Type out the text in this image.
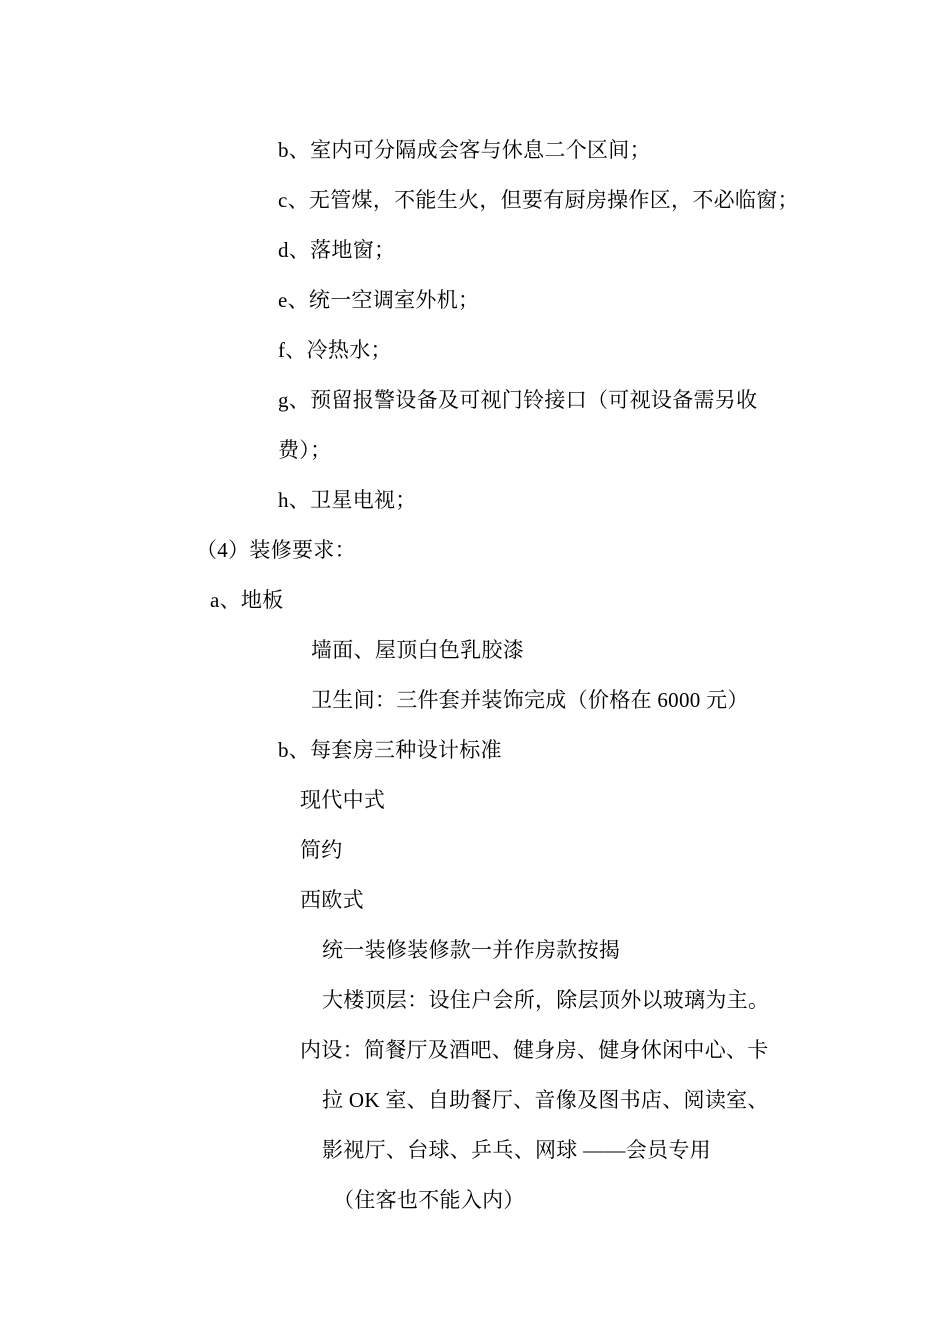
b、室内可分隔成会客与休息二个区间；
c、无管煤，不能生火，但要有厨房操作区，不必临窗；
d、落地窗；
e、统一空调室外机；
f、冷热水；
g、预留报警设备及可视门铃接口（可视设备需另收
费）；
h、卫星电视；
（4）装修要求：
a、地板
墙面、屋顶白色乳胶漆
卫生间：三件套并装饰完成（价格在 6000 元）
b、每套房三种设计标准
现代中式
简约
西欧式
统一装修装修款一并作房款按揭
大楼顶层：设住户会所，除层顶外以玻璃为主。
内设：简餐厅及酒吧、健身房、健身休闲中心、卡
拉 OK 室、自助餐厅、音像及图书店、阅读室、
影视厅、台球、乒乓、网球 ——会员专用
（住客也不能入内）
